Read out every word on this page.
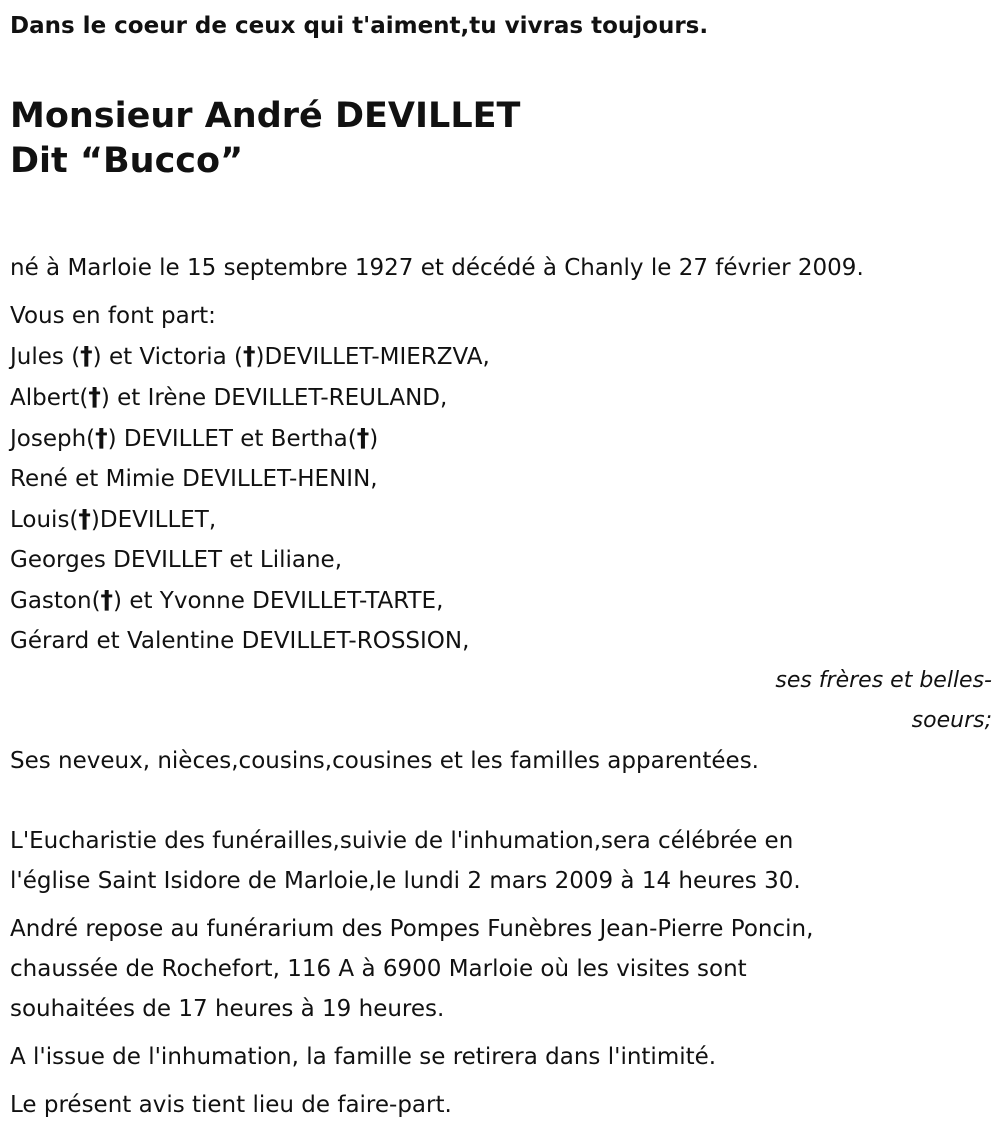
Dans le coeur de ceux qui t'aiment,tu vivras toujours.

Monsieur André DEVILLET
Dit “Bucco”

né à Marloie le 15 septembre 1927 et décédé à Chanly le 27 février 2009.

Vous en font part:

Jules (†) et Victoria (†)DEVILLET-MIERZVA,
Albert(†) et Irène DEVILLET-REULAND,
Joseph(†) DEVILLET et Bertha(†)
René et Mimie DEVILLET-HENIN,
Louis(†)DEVILLET,
Georges DEVILLET et Liliane,
Gaston(†) et Yvonne DEVILLET-TARTE,
Gérard et Valentine DEVILLET-ROSSION,

ses frères et belles-
soeurs;

Ses neveux, nièces,cousins,cousines et les familles apparentées.

L'Eucharistie des funérailles,suivie de l'inhumation,sera célébrée en
l'église Saint Isidore de Marloie,le lundi 2 mars 2009 à 14 heures 30.

André repose au funérarium des Pompes Funèbres Jean-Pierre Poncin,
chaussée de Rochefort, 116 A à 6900 Marloie où les visites sont
souhaitées de 17 heures à 19 heures.

A l'issue de l'inhumation, la famille se retirera dans l'intimité.

Le présent avis tient lieu de faire-part.
